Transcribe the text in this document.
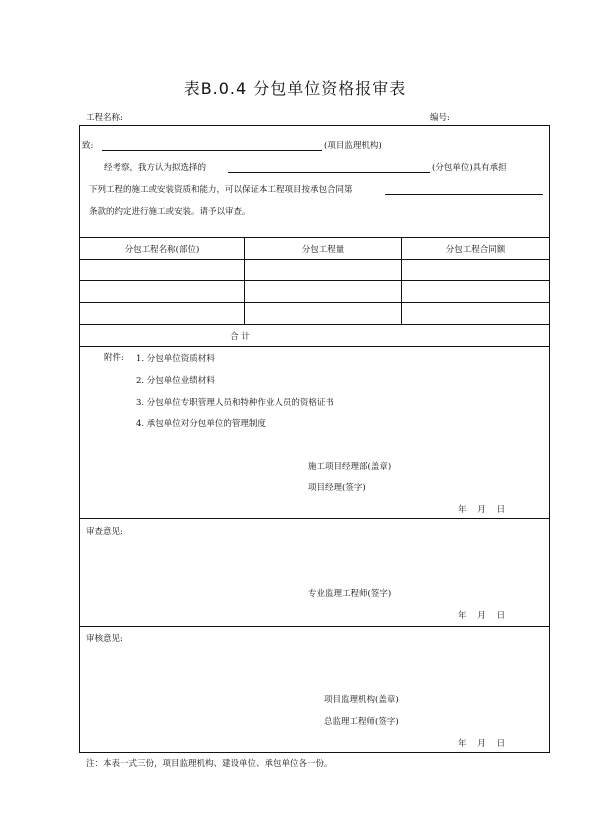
表B.0.4 分包单位资格报审表
工程名称:	编号:
致:	(项目监理机构)
经考察，我方认为拟选择的	(分包单位)具有承担
下列工程的施工或安装资质和能力，可以保证本工程项目按承包合同第
条款的约定进行施工或安装。请予以审查。
分包工程名称(部位)	分包工程量	分包工程合同额
合 计
附件: 1. 分包单位资质材料
2. 分包单位业绩材料
3. 分包单位专职管理人员和特种作业人员的资格证书
4. 承包单位对分包单位的管理制度
施工项目经理部(盖章)
项目经理(签字)
年    月    日
审查意见:
专业监理工程师(签字)
年    月    日
审核意见:
项目监理机构(盖章)
总监理工程师(签字)
年    月    日
注：本表一式三份，项目监理机构、建设单位、承包单位各一份。
